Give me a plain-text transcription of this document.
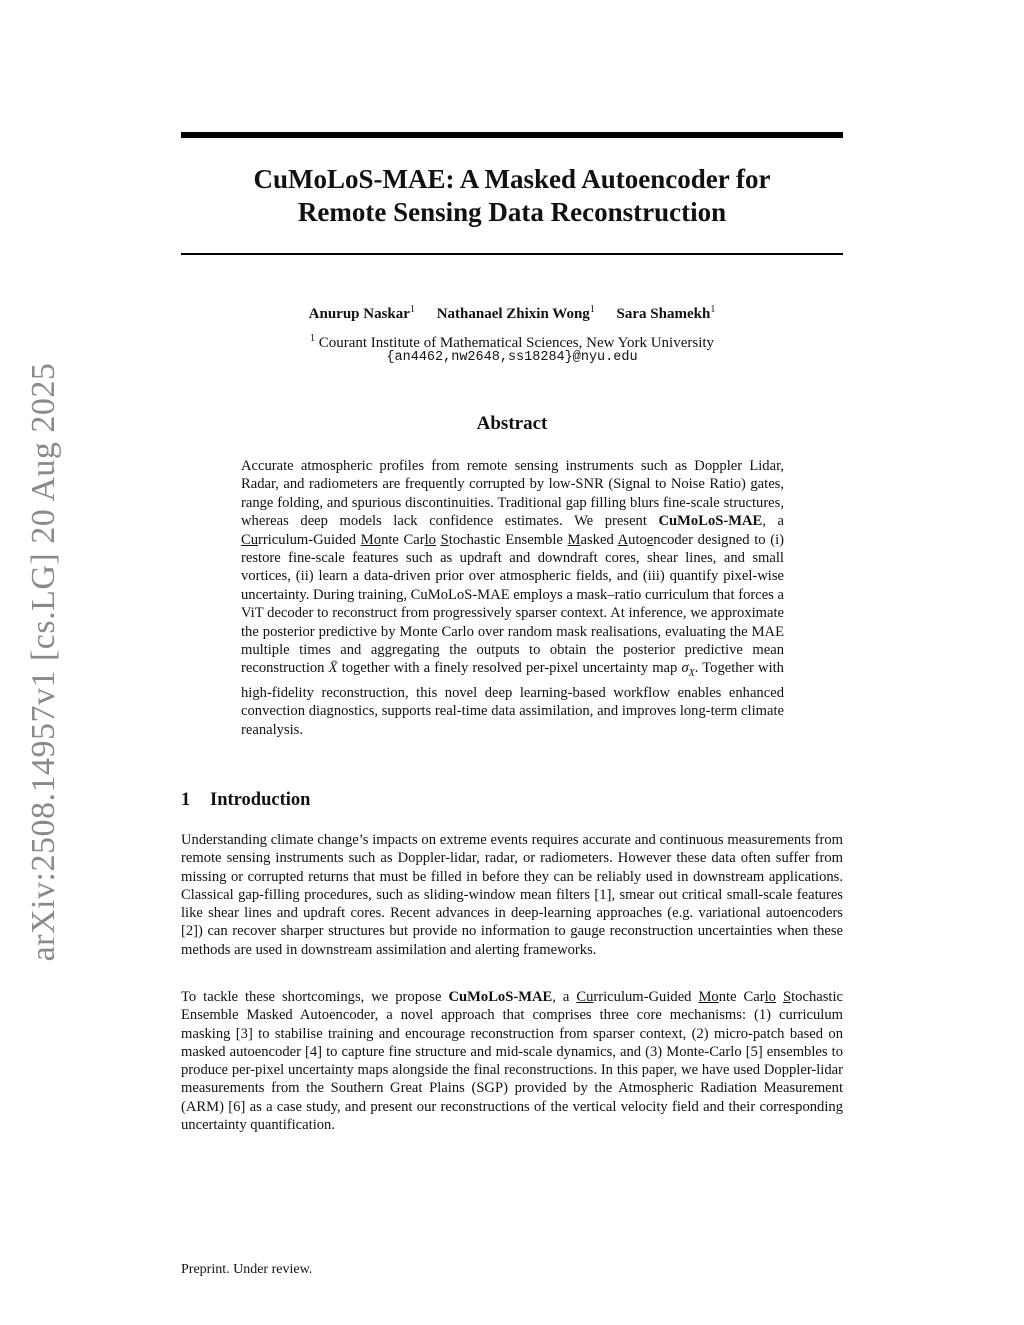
arXiv:2508.14957v1 [cs.LG] 20 Aug 2025
CuMoLoS-MAE: A Masked Autoencoder for
Remote Sensing Data Reconstruction
Anurup Naskar$^1$ Nathanael Zhixin Wong$^1$ Sara Shamekh$^1$
$^1$ Courant Institute of Mathematical Sciences, New York University
{an4462,nw2648,ss18284}@nyu.edu
Abstract
Accurate atmospheric profiles from remote sensing instruments such as Doppler Lidar, Radar, and radiometers are frequently corrupted by low-SNR (Signal to Noise Ratio) gates, range folding, and spurious discontinuities. Traditional gap filling blurs fine-scale structures, whereas deep models lack confidence estimates. We present CuMoLoS-MAE, a Curriculum-Guided Monte Carlo Stochastic Ensemble Masked Autoencoder designed to (i) restore fine-scale features such as updraft and downdraft cores, shear lines, and small vortices, (ii) learn a data-driven prior over atmospheric fields, and (iii) quantify pixel-wise uncertainty. During training, CuMoLoS-MAE employs a mask–ratio curriculum that forces a ViT decoder to reconstruct from progressively sparser context. At inference, we approximate the posterior predictive by Monte Carlo over random mask realisations, evaluating the MAE multiple times and aggregating the outputs to obtain the posterior predictive mean reconstruction X̄ together with a finely resolved per-pixel uncertainty map $\sigma_X$. Together with high-fidelity reconstruction, this novel deep learning-based workflow enables enhanced convection diagnostics, supports real-time data assimilation, and improves long-term climate reanalysis.
1 Introduction
Understanding climate change’s impacts on extreme events requires accurate and continuous measurements from remote sensing instruments such as Doppler-lidar, radar, or radiometers. However these data often suffer from missing or corrupted returns that must be filled in before they can be reliably used in downstream applications. Classical gap-filling procedures, such as sliding-window mean filters [1], smear out critical small-scale features like shear lines and updraft cores. Recent advances in deep-learning approaches (e.g. variational autoencoders [2]) can recover sharper structures but provide no information to gauge reconstruction uncertainties when these methods are used in downstream assimilation and alerting frameworks.
To tackle these shortcomings, we propose CuMoLoS-MAE, a Curriculum-Guided Monte Carlo Stochastic Ensemble Masked Autoencoder, a novel approach that comprises three core mechanisms: (1) curriculum masking [3] to stabilise training and encourage reconstruction from sparser context, (2) micro-patch based on masked autoencoder [4] to capture fine structure and mid-scale dynamics, and (3) Monte-Carlo [5] ensembles to produce per-pixel uncertainty maps alongside the final reconstructions. In this paper, we have used Doppler-lidar measurements from the Southern Great Plains (SGP) provided by the Atmospheric Radiation Measurement (ARM) [6] as a case study, and present our reconstructions of the vertical velocity field and their corresponding uncertainty quantification.
Preprint. Under review.
